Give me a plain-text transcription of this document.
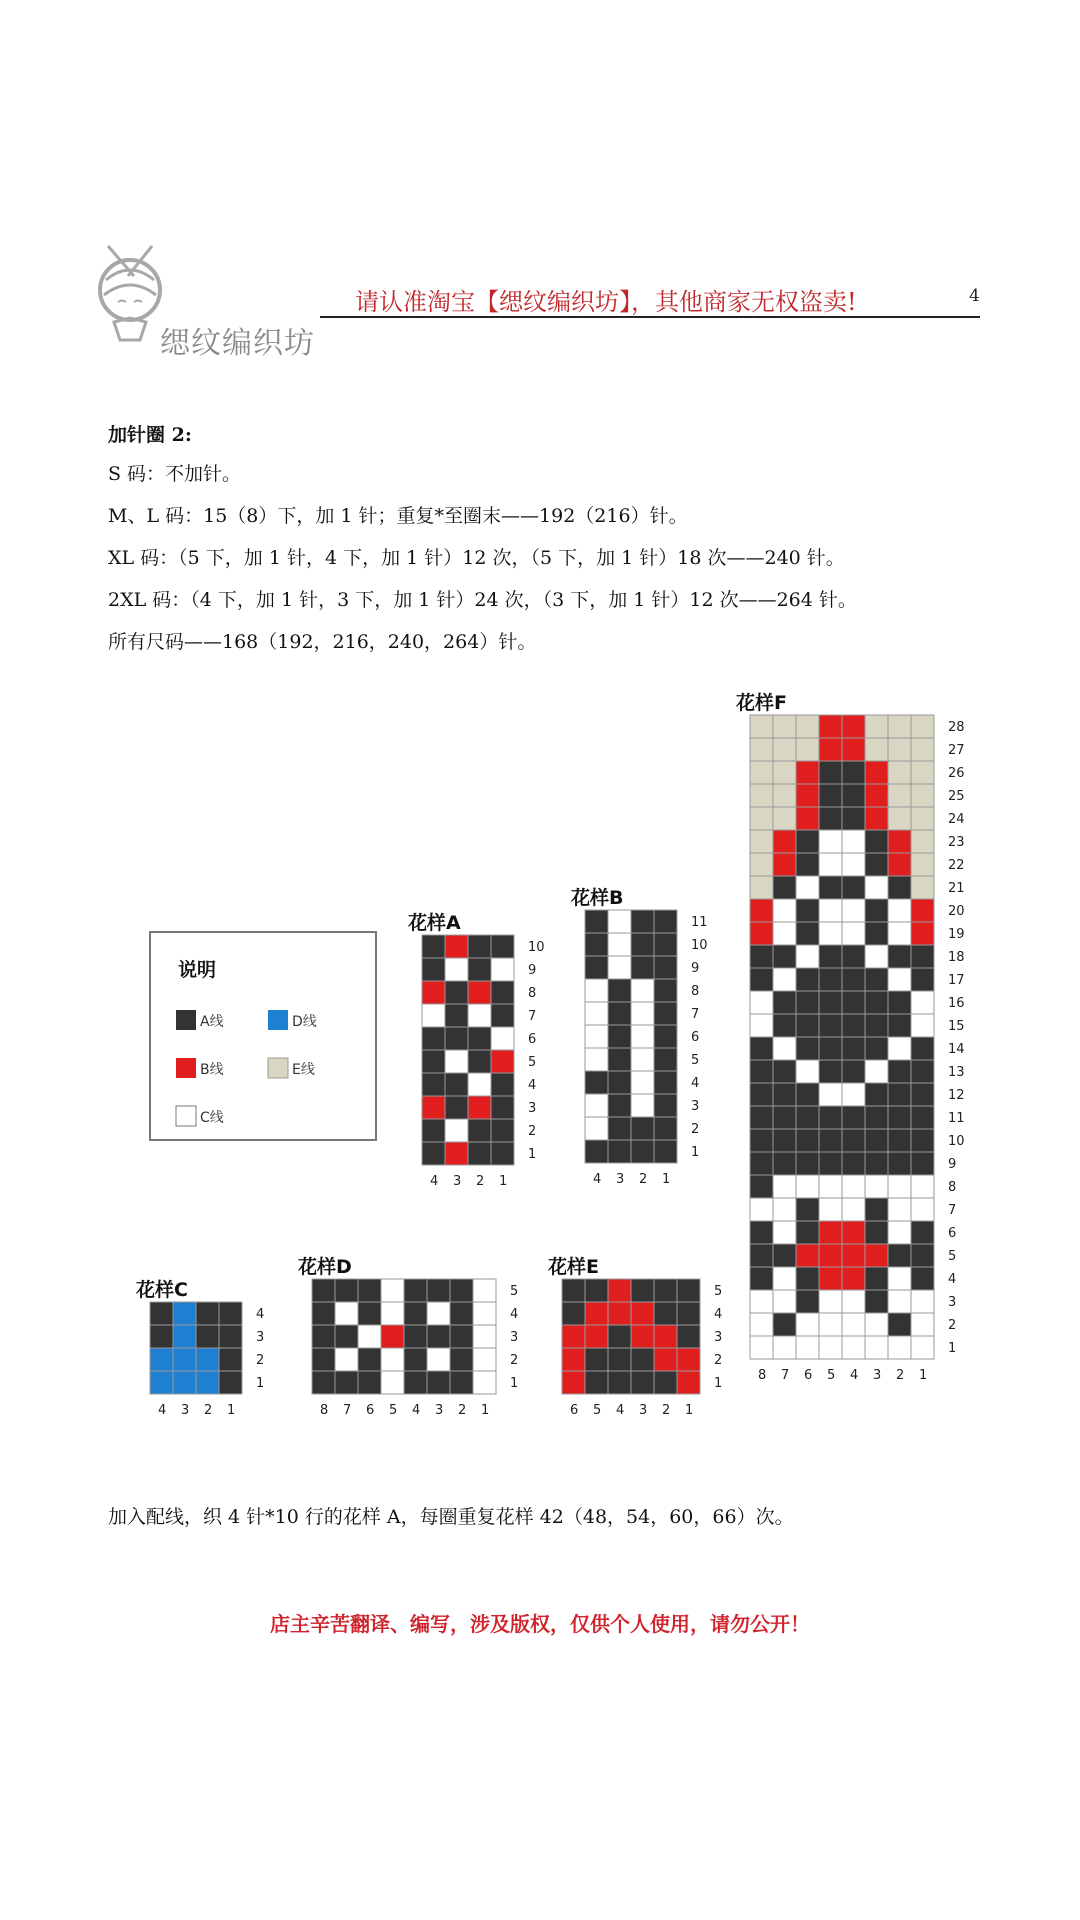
缌纹编织坊
请认准淘宝【缌纹编织坊】，其他商家无权盗卖!	4
加针圈 2:
S 码：不加针。
M、L 码：15（8）下，加 1 针；重复*至圈末——192（216）针。
XL 码：（5 下，加 1 针，4 下，加 1 针）12 次，（5 下，加 1 针）18 次——240 针。
2XL 码：（4 下，加 1 针，3 下，加 1 针）24 次，（3 下，加 1 针）12 次——264 针。
所有尺码——168（192，216，240，264）针。
说明
A线	D线
B线	E线
C线
花样A
10
9
8
7
6
5
4
3
2
1
4 3 2 1
花样B
11
10
9
8
7
6
5
4
3
2
1
4 3 2 1
花样C
4
3
2
1
4 3 2 1
花样D
5
4
3
2
1
8 7 6 5 4 3 2 1
花样E
5
4
3
2
1
6 5 4 3 2 1
花样F
28
27
26
25
24
23
22
21
20
19
18
17
16
15
14
13
12
11
10
9
8
7
6
5
4
3
2
1
8 7 6 5 4 3 2 1
加入配线，织 4 针*10 行的花样 A，每圈重复花样 42（48，54，60，66）次。
店主辛苦翻译、编写，涉及版权，仅供个人使用，请勿公开！
